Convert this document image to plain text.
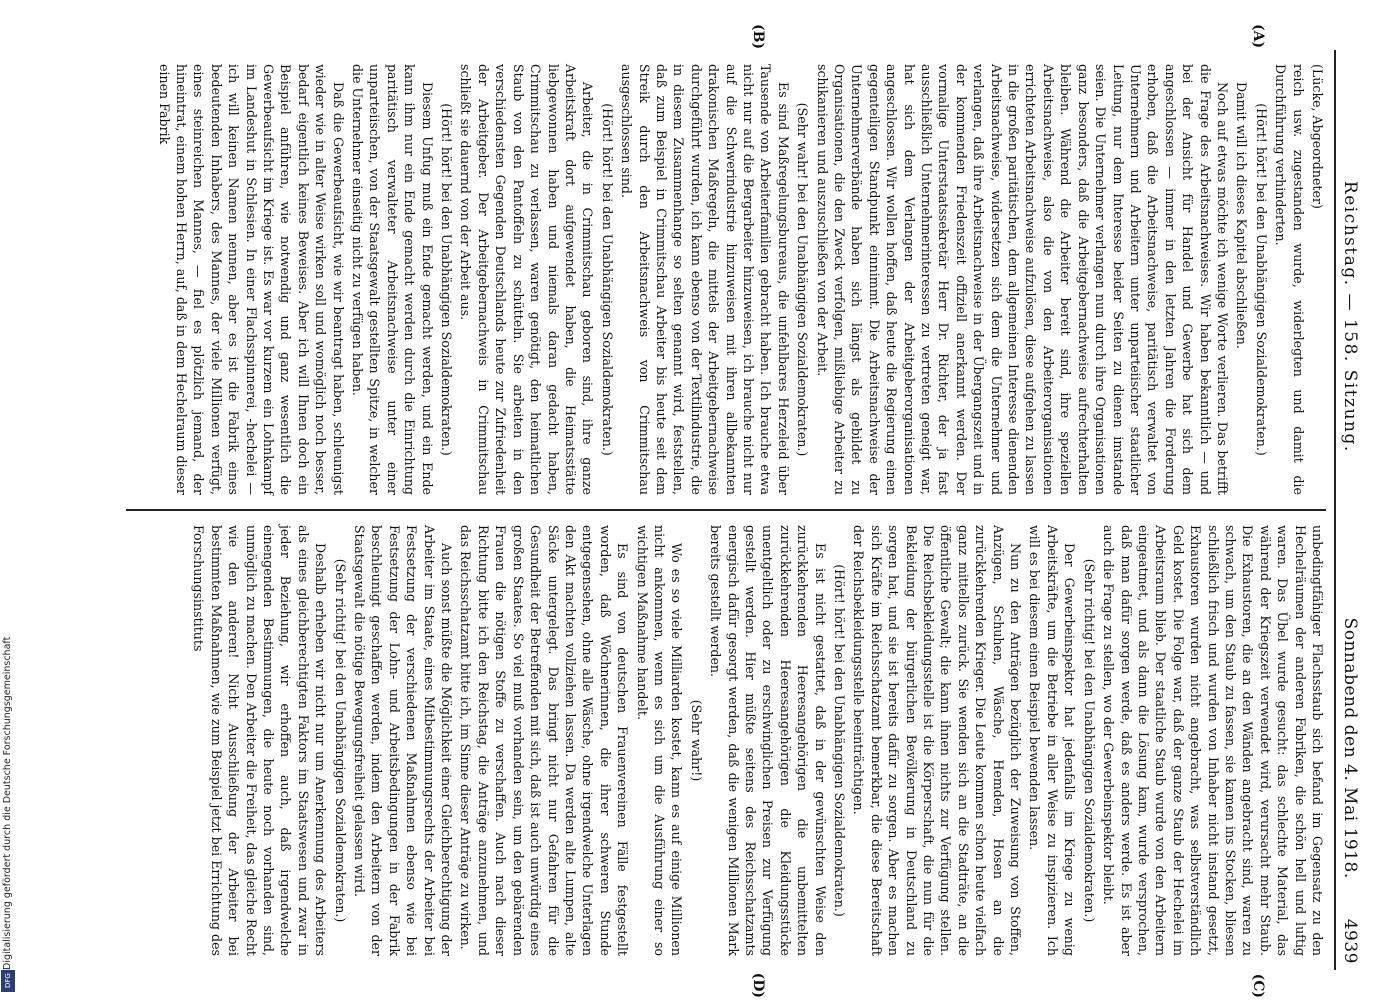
Digitalisierung gefördert durch die Deutsche Forschungsgemeinschaft
DFG
Reichstag. — 158. Sitzung.
Sonnabend den 4. Mai 1918.
4939
(A)
(B)
(C)
(D)

(Lücke, Abgeordneter)

reich usw. zugestanden wurde, widerlegten und damit die Durchführung verhinderten.

(Hört! hört! bei den Unabhängigen Sozialdemokraten.)

Damit will ich dieses Kapitel abschließen.

Noch auf etwas möchte ich wenige Worte verlieren. Das betrifft die Frage des Arbeitsnachweises. Wir haben bekanntlich — und bei der Ansicht für Handel und Gewerbe hat sich dem angeschlossen — immer in den letzten Jahren die Forderung erhoben, daß die Arbeitsnachweise, paritätisch verwaltet von Unternehmern und Arbeitern unter unparteiischer staatlicher Leitung, nur dem Interesse beider Seiten zu dienen imstande seien. Die Unternehmer verlangen nun durch ihre Organisationen ganz besonders, daß die Arbeitgebernachweise aufrechterhalten bleiben. Während die Arbeiter bereit sind, ihre speziellen Arbeitsnachweise, also die von den Arbeiterorganisationen errichteten Arbeitsnachweise aufzulösen, diese aufgehen zu lassen in die großen paritätischen, dem allgemeinen Interesse dienenden Arbeitsnachweise, widersetzen sich dem die Unternehmer und verlangen, daß ihre Arbeitsnachweise in der Übergangszeit und in der kommenden Friedenszeit offiziell anerkannt werden. Der vormalige Unterstaatssekretär Herr Dr. Richter, der ja fast ausschließlich Unternehmerinteressen zu vertreten geneigt war, hat sich dem Verlangen der Arbeitgeberorganisationen angeschlossen. Wir wollen hoffen, daß heute die Regierung einen gegenteiligen Standpunkt einnimmt. Die Arbeitsnachweise der Unternehmerverbände haben sich längst als gebildet zu Organisationen, die den Zweck verfolgen, mißliebige Arbeiter zu schikanieren und auszuschließen von der Arbeit.

(Sehr wahr! bei den Unabhängigen Sozialdemokraten.)

Es sind Maßregelungsbureaus, die unfehlbares Herzeleid über Tausende von Arbeiterfamilien gebracht haben. Ich brauche etwa nicht nur auf die Bergarbeiter hinzuweisen, ich brauche nicht nur auf die Schwerindustrie hinzuweisen mit ihren allbekannten drakonischen Maßregeln, die mittels der Arbeitgebernachweise durchgeführt wurden, ich kann ebenso von der Textilindustrie, die in diesem Zusammenhange so selten genannt wird, feststellen, daß zum Beispiel in Crimmitschau Arbeiter bis heute seit dem Streik durch den Arbeitsnachweis von Crimmitschau ausgeschlossen sind.

(Hört! hört! bei den Unabhängigen Sozialdemokraten.)

Arbeiter, die in Crimmitschau geboren sind, ihre ganze Arbeitskraft dort aufgewendet haben, die Heimatsstätte liebgewonnen haben und niemals daran gedacht haben, Crimmitschau zu verlassen, waren genötigt, den heimatlichen Staub von den Pantoffeln zu schütteln. Sie arbeiten in den verschiedensten Gegenden Deutschlands heute zur Zufriedenheit der Arbeitgeber. Der Arbeitgebernachweis in Crimmitschau schließt sie dauernd von der Arbeit aus.

(Hört! hört! bei den Unabhängigen Sozialdemokraten.)

Diesem Unfug muß ein Ende gemacht werden, und ein Ende kann ihm nur ein Ende gemacht werden durch die Einrichtung paritätisch verwalteter Arbeitsnachweise unter einer unparteiischen, von der Staatsgewalt gestellten Spitze, in welcher die Unternehmer einseitig nicht zu verfügen haben.

Daß die Gewerbeaufsicht, wie wir beantragt haben, schleunigst wieder wie in alter Weise wirken soll und womöglich noch besser, bedarf eigentlich keines Beweises. Aber ich will Ihnen doch ein Beispiel anführen, wie notwendig und ganz wesentlich die Gewerbeaufsicht im Kriege ist. Es war vor kurzem ein Lohnkampf im Landeshut in Schlesien. In einer Flachsspinnerei, -hechelei — ich will keinen Namen nennen, aber es ist die Fabrik eines bedeutenden Inhabers, des Mannes, der viele Millionen verfügt, eines steinreichen Mannes, — fiel es plötzlich jemand, der hineintrat, einem hohen Herrn, auf, daß in dem Hechelraum dieser einen Fabrik

unbedingtfähiger Flachsstaub sich befand im Gegensatz zu den Hechelräumen der anderen Fabriken, die schön hell und luftig waren. Das Übel wurde gesucht: das schlechte Material, das während der Kriegszeit verwendet wird, verursacht mehr Staub. Die Exhaustoren, die an den Wänden angebracht sind, waren zu schwach, um den Staub zu fassen, sie kamen ins Stocken, bliesen schließlich frisch und wurden von Inhaber nicht instand gesetzt, Exhaustoren wurden nicht angebracht, was selbstverständlich Geld kostet. Die Folge war, daß der ganze Staub der Hechelei im Arbeitsraum blieb. Der staatliche Staub wurde von den Arbeitern eingeatmet, und als dann die Lösung kam, wurde versprochen, daß man dafür sorgen werde, daß es anders werde. Es ist aber auch die Frage zu stellen, wo der Gewerbeinspektor bleibt.

(Sehr richtig! bei den Unabhängigen Sozialdemokraten.)

Der Gewerbeinspektor hat jedenfalls im Kriege zu wenig Arbeitskräfte, um die Betriebe in aller Weise zu inspizieren. Ich will es bei diesem einen Beispiel bewenden lassen.

Nun zu den Anträgen bezüglich der Zuweisung von Stoffen, Anzügen, Schuhen, Wäsche, Hemden, Hosen an die zurückkehrenden Krieger. Die Leute kommen schon heute vielfach ganz mittellos zurück. Sie wenden sich an die Stadträte, an die öffentliche Gewalt; die kann ihnen nichts zur Verfügung stellen. Die Reichsbekleidungsstelle ist die Körperschaft, die nun für die Bekleidung der bürgerlichen Bevölkerung in Deutschland zu sorgen hat, und sie ist bereits dafür zu sorgen. Aber es machen sich Kräfte im Reichsschatzamt bemerkbar, die diese Bereitschaft der Reichsbekleidungsstelle beeinträchtigen.

(Hört! hört! bei den Unabhängigen Sozialdemokraten.)

Es ist nicht gestattet, daß in der gewünschten Weise den zurückkehrenden Heeresangehörigen die unbemittelten zurückkehrenden Heeresangehörigen die Kleidungsstücke unentgeltlich oder zu erschwinglichen Preisen zur Verfügung gestellt werden. Hier müßte seitens des Reichsschatzamts energisch dafür gesorgt werden, daß die wenigen Millionen Mark bereits gestellt werden.

(Sehr wahr!)

Wo es so viele Milliarden kostet, kann es auf einige Millionen nicht ankommen, wenn es sich um die Ausführung einer so wichtigen Maßnahme handelt.

Es sind von deutschen Frauenvereinen Fälle festgestellt worden, daß Wöchnerinnen, die ihrer schweren Stunde entgegensehen, ohne alle Wäsche, ohne irgendwelche Unterlagen den Akt machten vollziehen lassen. Da werden alte Lumpen, alte Säcke untergelegt. Das bringt nicht nur Gefahren für die Gesundheit der Betreffenden mit sich, daß ist auch unwürdig eines großen Staates. So viel muß vorhanden sein, um den gebärenden Frauen die nötigen Stoffe zu verschaffen. Auch nach dieser Richtung bitte ich den Reichstag, die Anträge anzunehmen, und das Reichsschatzamt bitte ich, im Sinne dieser Anträge zu wirken.

Auch sonst müßte die Möglichkeit einer Gleichberechtigung der Arbeiter im Staate, eines Mitbestimmungsrechts der Arbeiter bei Festsetzung der verschiedenen Maßnahmen ebenso wie bei Festsetzung der Lohn- und Arbeitsbedingungen in der Fabrik beschleunigt geschaffen werden, indem den Arbeitern von der Staatsgewalt die nötige Bewegungsfreiheit gelassen wird.

(Sehr richtig! bei den Unabhängigen Sozialdemokraten.)

Deshalb erheben wir nicht nur um Anerkennung des Arbeiters als eines gleichberechtigten Faktors im Staatswesen und zwar in jeder Beziehung, wir erhoffen auch, daß irgendwelche einengenden Bestimmungen, die heute noch vorhanden sind, unmöglich zu machen. Den Arbeiter die Freiheit, das gleiche Recht wie den anderen! Nicht Ausschließung der Arbeiter bei bestimmten Maßnahmen, wie zum Beispiel jetzt bei Errichtung des Forschungsinstituts
